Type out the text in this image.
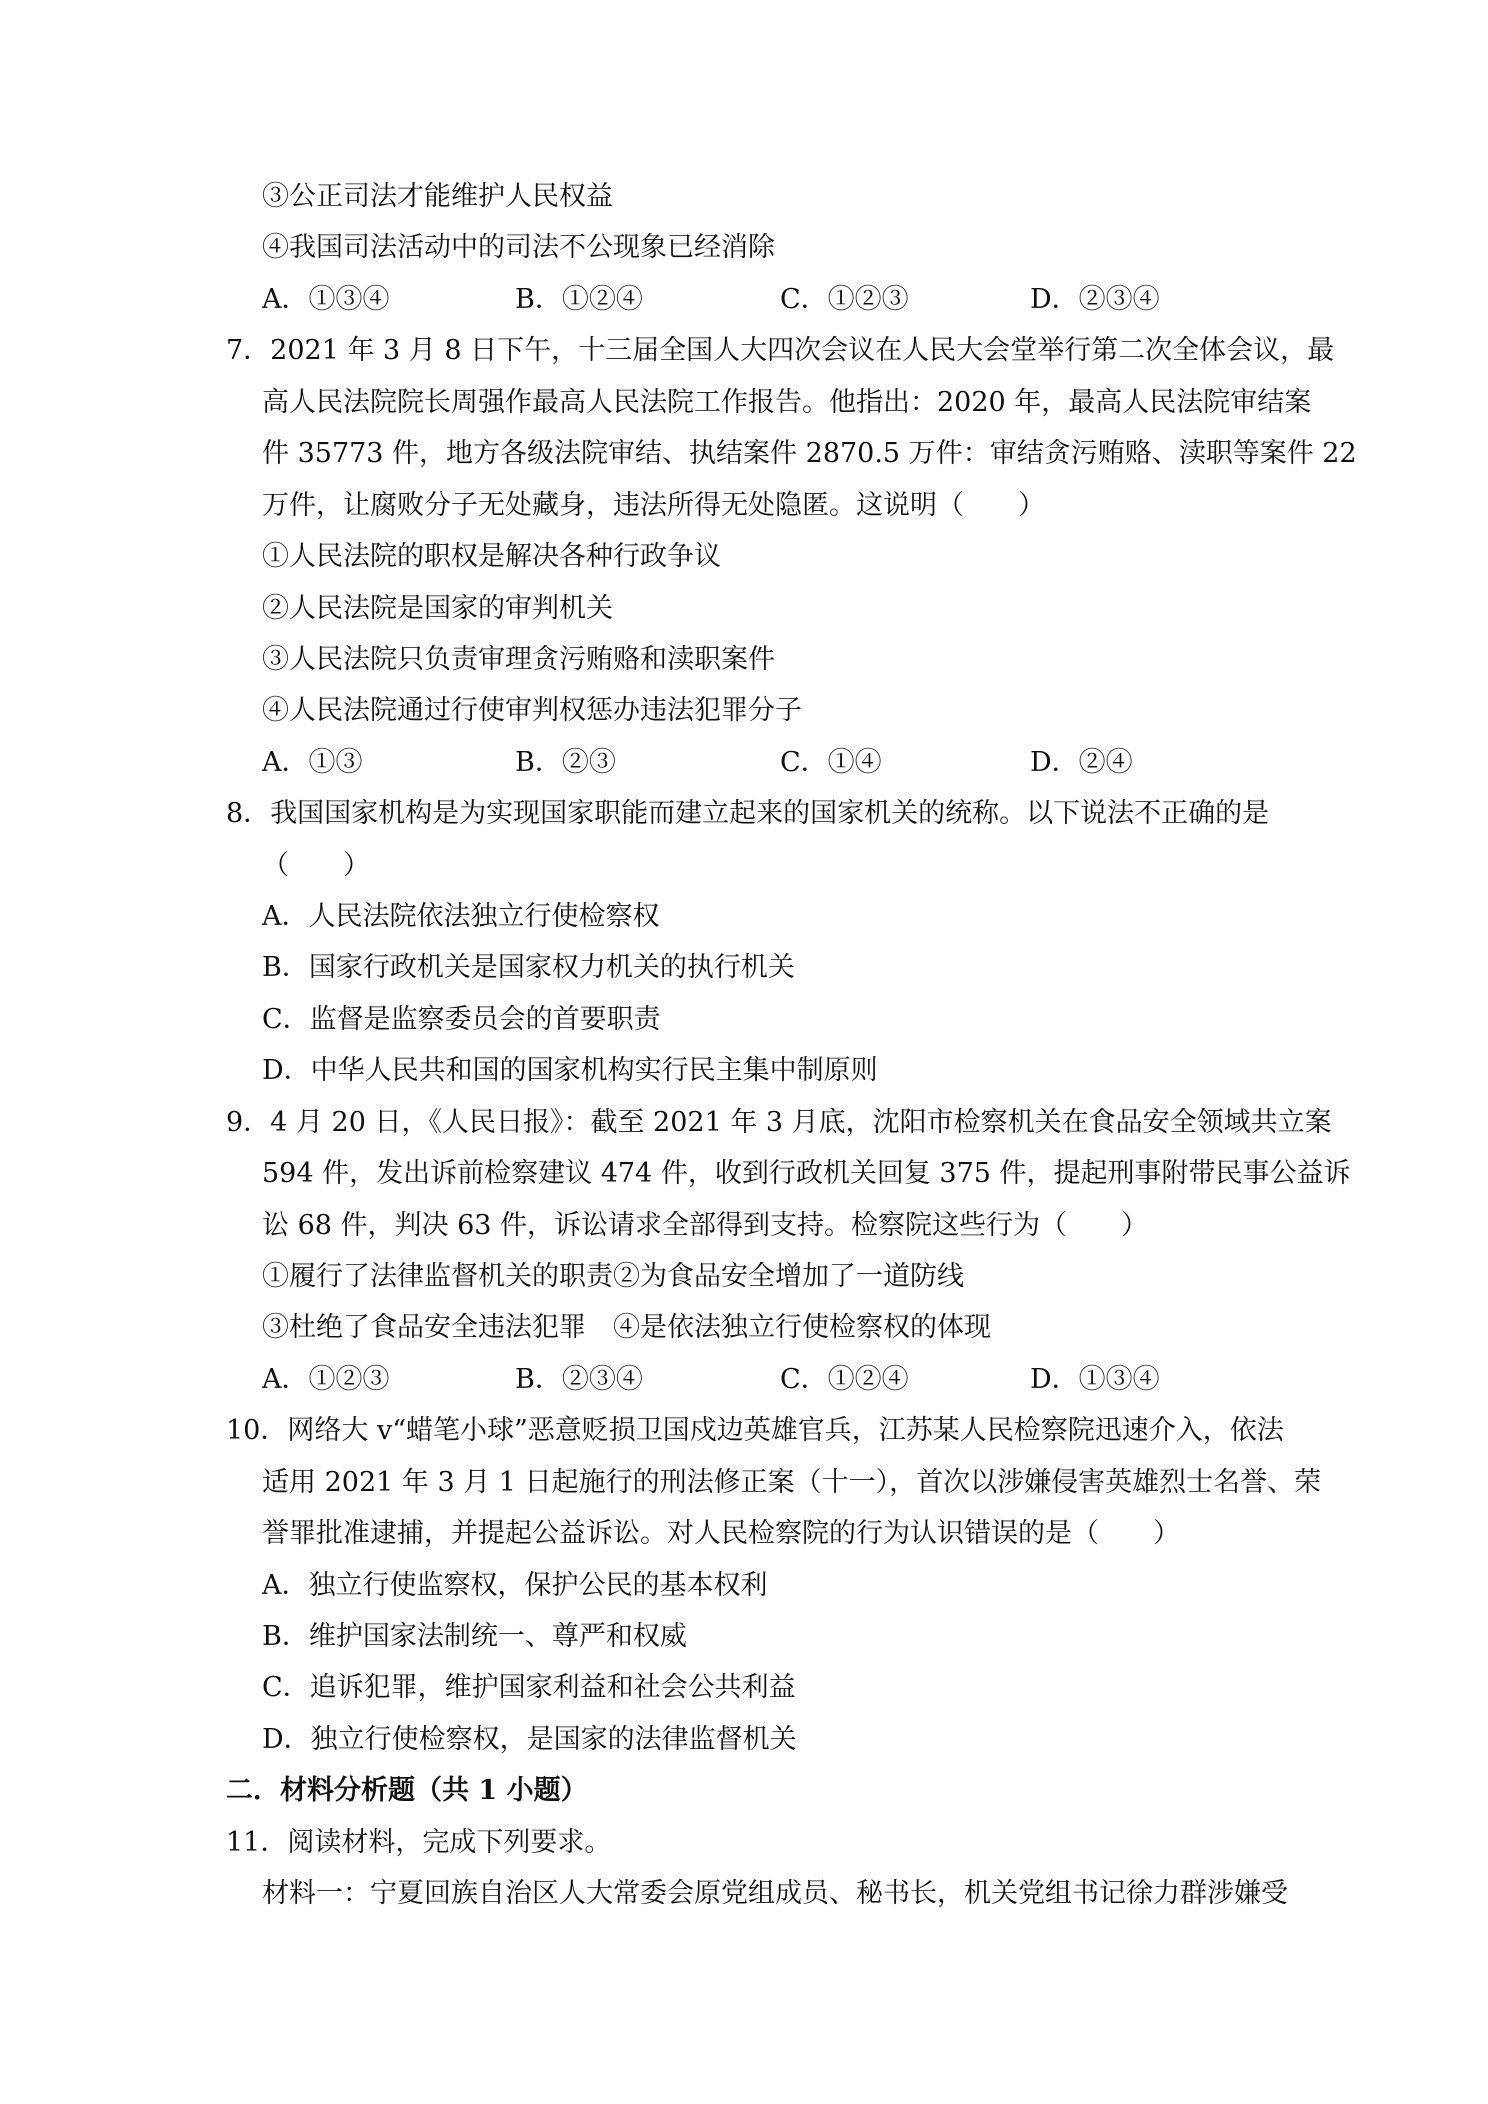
③公正司法才能维护人民权益
④我国司法活动中的司法不公现象已经消除
A．①③④	B．①②④	C．①②③	D．②③④
7．2021 年 3 月 8 日下午，十三届全国人大四次会议在人民大会堂举行第二次全体会议，最
高人民法院院长周强作最高人民法院工作报告。他指出：2020 年，最高人民法院审结案
件 35773 件，地方各级法院审结、执结案件 2870.5 万件：审结贪污贿赂、渎职等案件 22
万件，让腐败分子无处藏身，违法所得无处隐匿。这说明（　　）
①人民法院的职权是解决各种行政争议
②人民法院是国家的审判机关
③人民法院只负责审理贪污贿赂和渎职案件
④人民法院通过行使审判权惩办违法犯罪分子
A．①③	B．②③	C．①④	D．②④
8．我国国家机构是为实现国家职能而建立起来的国家机关的统称。以下说法不正确的是
（　　）
A．人民法院依法独立行使检察权
B．国家行政机关是国家权力机关的执行机关
C．监督是监察委员会的首要职责
D．中华人民共和国的国家机构实行民主集中制原则
9．4 月 20 日，《人民日报》：截至 2021 年 3 月底，沈阳市检察机关在食品安全领域共立案
594 件，发出诉前检察建议 474 件，收到行政机关回复 375 件，提起刑事附带民事公益诉
讼 68 件，判决 63 件，诉讼请求全部得到支持。检察院这些行为（　　）
①履行了法律监督机关的职责②为食品安全增加了一道防线
③杜绝了食品安全违法犯罪　④是依法独立行使检察权的体现
A．①②③	B．②③④	C．①②④	D．①③④
10．网络大 v“蜡笔小球”恶意贬损卫国戍边英雄官兵，江苏某人民检察院迅速介入，依法
适用 2021 年 3 月 1 日起施行的刑法修正案（十一），首次以涉嫌侵害英雄烈士名誉、荣
誉罪批准逮捕，并提起公益诉讼。对人民检察院的行为认识错误的是（　　）
A．独立行使监察权，保护公民的基本权利
B．维护国家法制统一、尊严和权威
C．追诉犯罪，维护国家利益和社会公共利益
D．独立行使检察权，是国家的法律监督机关
二．材料分析题（共 1 小题）
11．阅读材料，完成下列要求。
材料一：宁夏回族自治区人大常委会原党组成员、秘书长，机关党组书记徐力群涉嫌受
